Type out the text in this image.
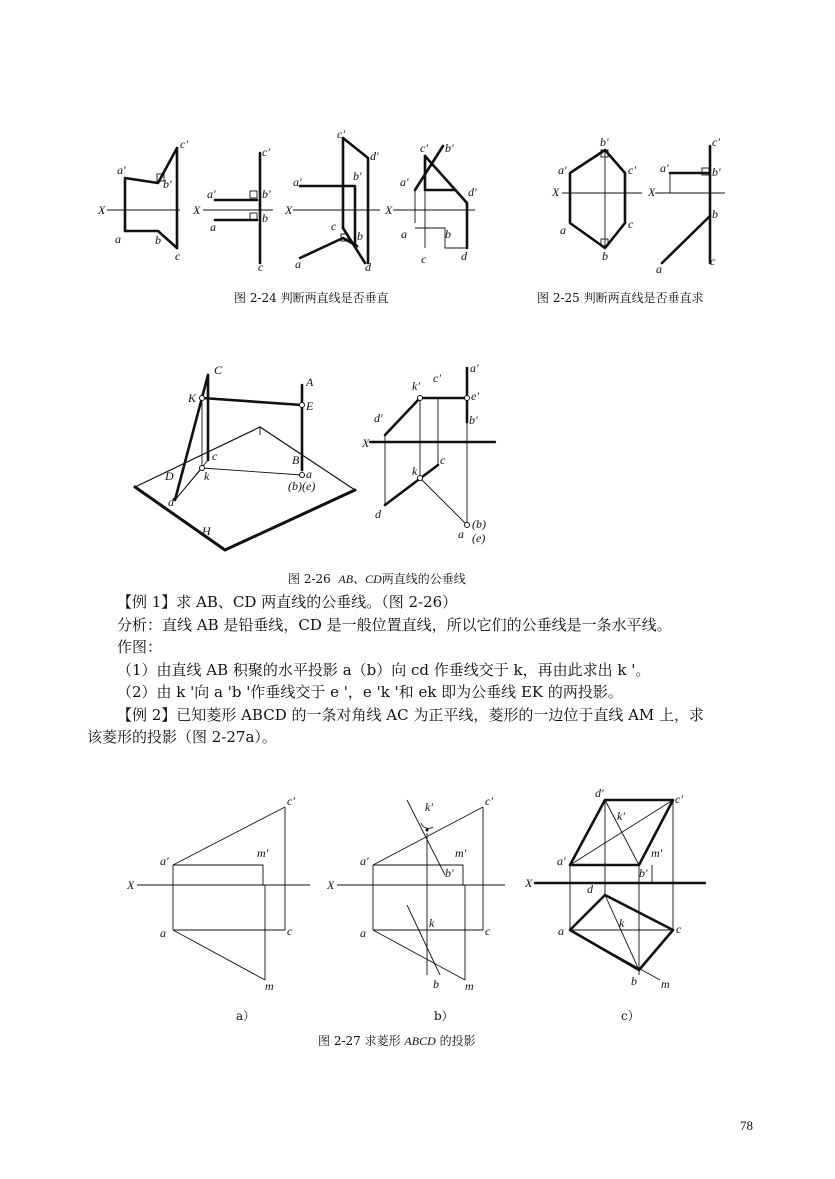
a'
c'
b'
X
a	b
c
c'
a'	b'
X
a
b
c
c'
d'
a'	b'
X
c
b
a	d
c' b'
a'
d'
X
a	b
c	d
图 2-24 判断两直线是否垂直
b'
a'	c'
X
a	c
b
c'
a'	b'
X
b
a
c
图 2-25 判断两直线是否垂直求
C
A
K
E
c	B
D	k	a
(b)(e)
d
H
a'
k'
c'
e'
d'	b'
X
c
k
d
(b)
a (e)
图 2-26 AB、CD两直线的公垂线

【例 1】求 AB、CD 两直线的公垂线。（图 2-26）

分析：直线 AB 是铅垂线，CD 是一般位置直线，所以它们的公垂线是一条水平线。

作图：

（1）由直线 AB 积聚的水平投影 a（b）向 cd 作垂线交于 k，再由此求出 k '。

（2）由 k '向 a 'b '作垂线交于 e '，e 'k '和 ek 即为公垂线 EK 的两投影。

【例 2】已知菱形 ABCD 的一条对角线 AC 为正平线，菱形的一边位于直线 AM 上，求

该菱形的投影（图 2-27a）。

c'
m'
a'
X
a	c
m
k'	c'
m'
a'
b'
X
a
k
c
b m
d'	c'
k'
a'
m'
b'
X	d
a
k	c
b m
a）	b）	c）
图 2-27 求菱形 ABCD 的投影
78
